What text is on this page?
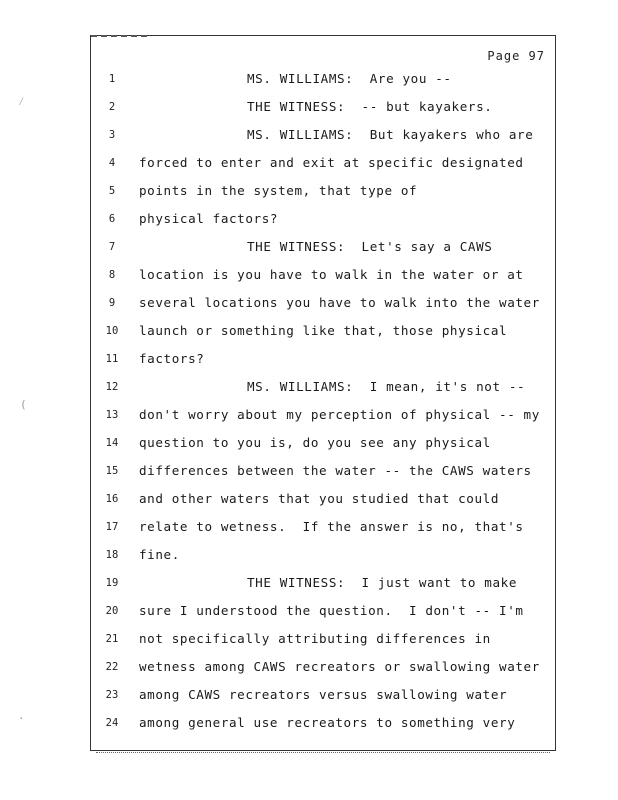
Page 97
1	MS. WILLIAMS:  Are you --
2	THE WITNESS:  -- but kayakers.
3	MS. WILLIAMS:  But kayakers who are
4	forced to enter and exit at specific designated
5	points in the system, that type of
6	physical factors?
7	THE WITNESS:  Let's say a CAWS
8	location is you have to walk in the water or at
9	several locations you have to walk into the water
10	launch or something like that, those physical
11	factors?
12	MS. WILLIAMS:  I mean, it's not --
13	don't worry about my perception of physical -- my
14	question to you is, do you see any physical
15	differences between the water -- the CAWS waters
16	and other waters that you studied that could
17	relate to wetness.  If the answer is no, that's
18	fine.
19	THE WITNESS:  I just want to make
20	sure I understood the question.  I don't -- I'm
21	not specifically attributing differences in
22	wetness among CAWS recreators or swallowing water
23	among CAWS recreators versus swallowing water
24	among general use recreators to something very
⁄
(
·
